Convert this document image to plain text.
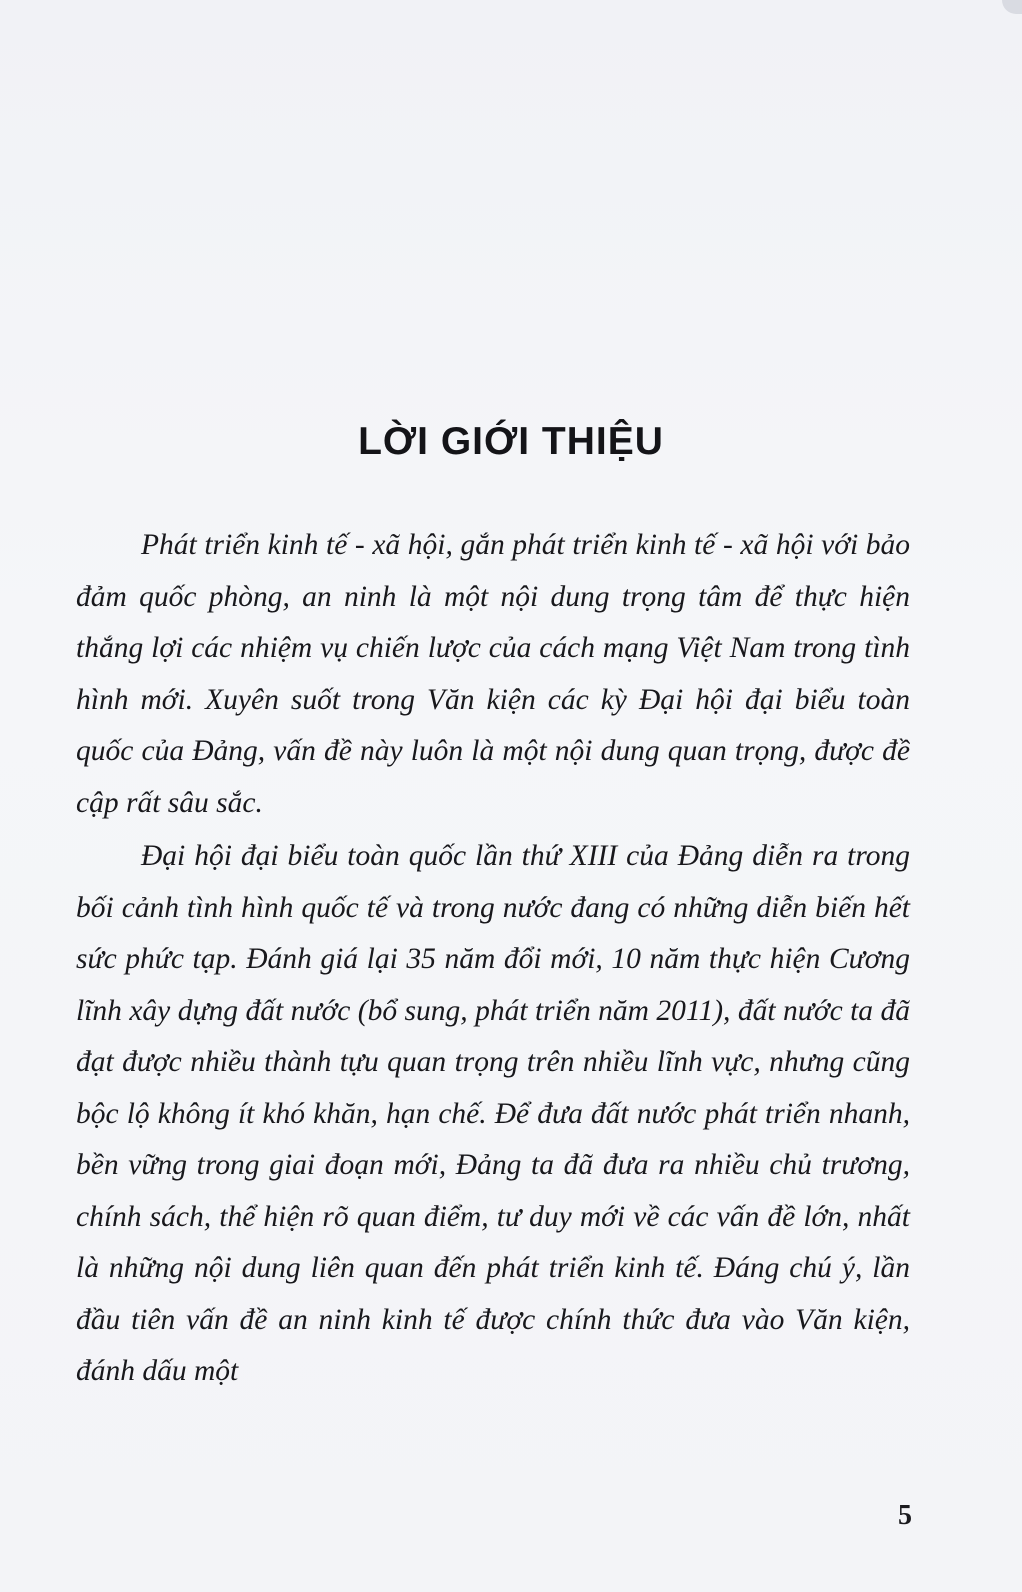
LỜI GIỚI THIỆU

Phát triển kinh tế - xã hội, gắn phát triển kinh tế - xã hội với bảo đảm quốc phòng, an ninh là một nội dung trọng tâm để thực hiện thắng lợi các nhiệm vụ chiến lược của cách mạng Việt Nam trong tình hình mới. Xuyên suốt trong Văn kiện các kỳ Đại hội đại biểu toàn quốc của Đảng, vấn đề này luôn là một nội dung quan trọng, được đề cập rất sâu sắc.

Đại hội đại biểu toàn quốc lần thứ XIII của Đảng diễn ra trong bối cảnh tình hình quốc tế và trong nước đang có những diễn biến hết sức phức tạp. Đánh giá lại 35 năm đổi mới, 10 năm thực hiện Cương lĩnh xây dựng đất nước (bổ sung, phát triển năm 2011), đất nước ta đã đạt được nhiều thành tựu quan trọng trên nhiều lĩnh vực, nhưng cũng bộc lộ không ít khó khăn, hạn chế. Để đưa đất nước phát triển nhanh, bền vững trong giai đoạn mới, Đảng ta đã đưa ra nhiều chủ trương, chính sách, thể hiện rõ quan điểm, tư duy mới về các vấn đề lớn, nhất là những nội dung liên quan đến phát triển kinh tế. Đáng chú ý, lần đầu tiên vấn đề an ninh kinh tế được chính thức đưa vào Văn kiện, đánh dấu một

5
